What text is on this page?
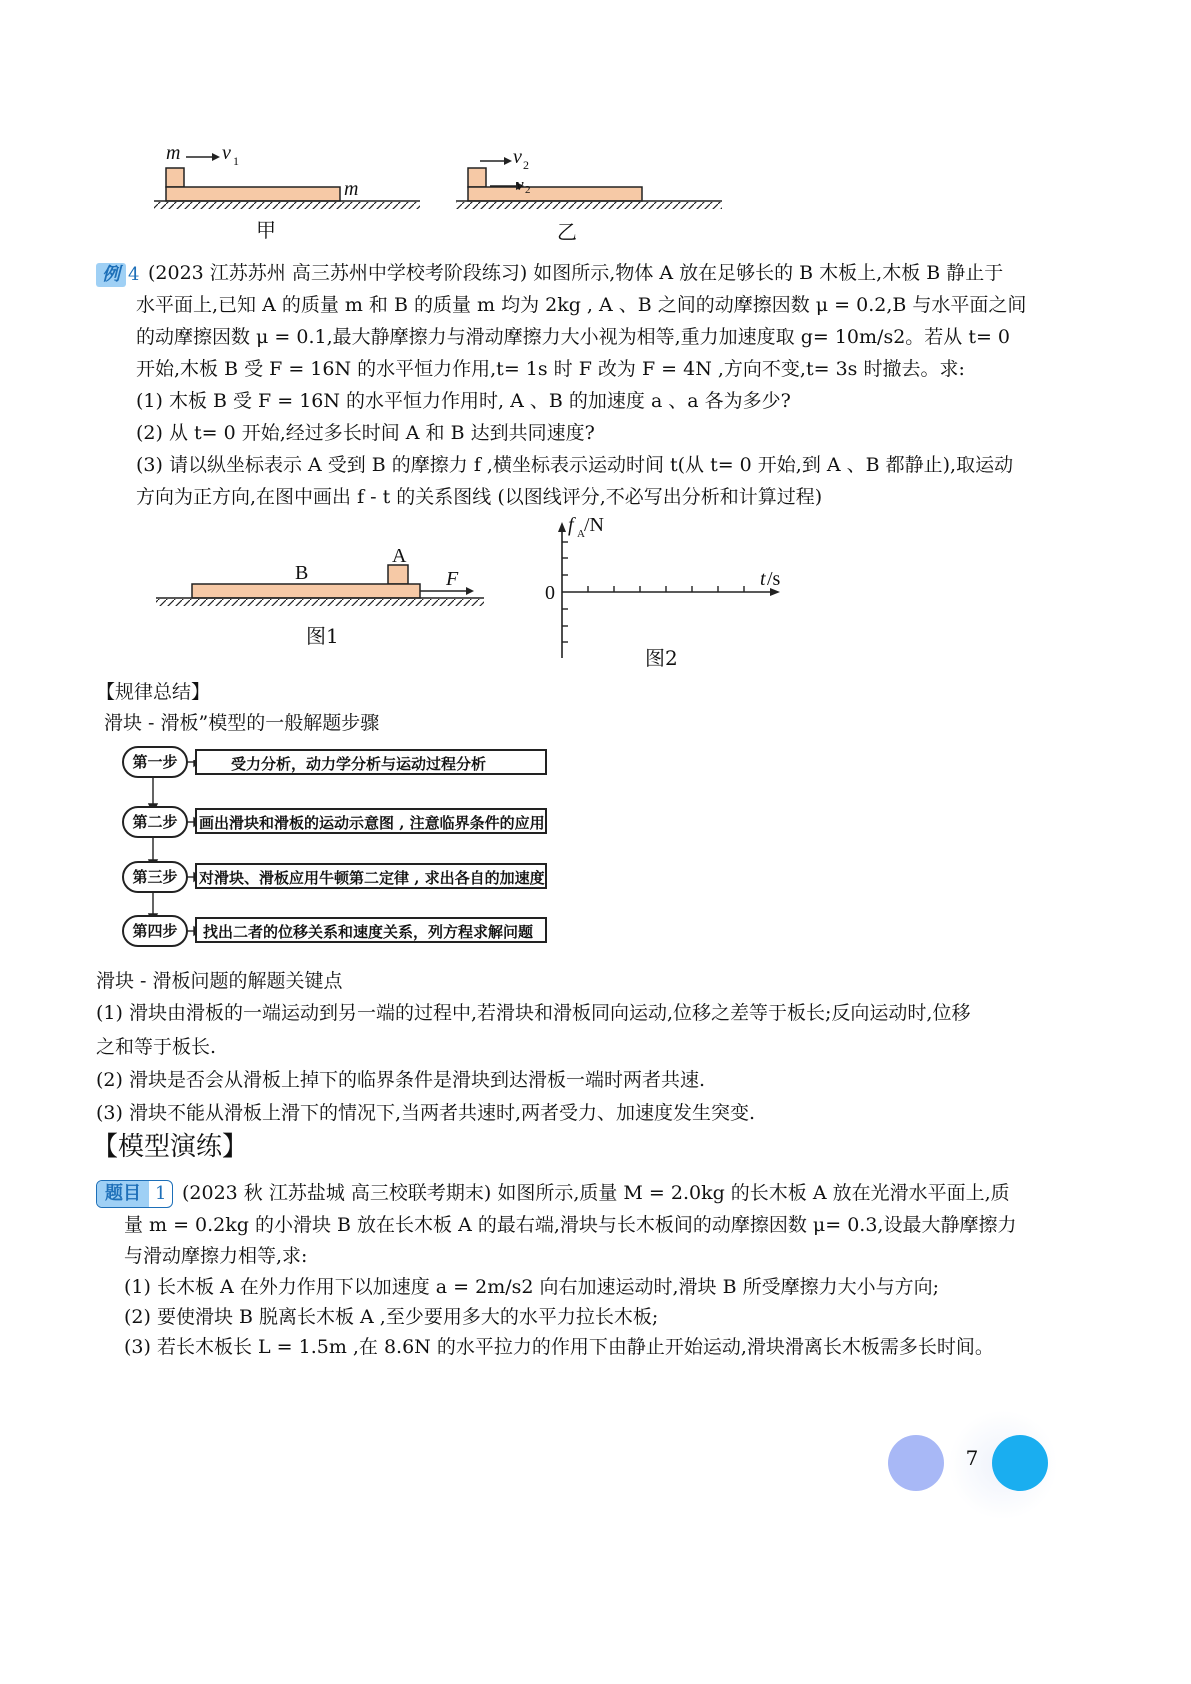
m v 1
m
甲
v 2
v 2
乙
例 4 (2023 江苏苏州 高三苏州中学校考阶段练习) 如图所示,物体 A 放在足够长的 B 木板上,木板 B 静止于
水平面上,已知 A 的质量 m 和 B 的质量 m 均为 2kg , A 、B 之间的动摩擦因数 μ = 0.2,B 与水平面之间
的动摩擦因数 μ = 0.1,最大静摩擦力与滑动摩擦力大小视为相等,重力加速度取 g= 10m/s2。若从 t= 0
开始,木板 B 受 F = 16N 的水平恒力作用,t= 1s 时 F 改为 F = 4N ,方向不变,t= 3s 时撤去。求:
(1) 木板 B 受 F = 16N 的水平恒力作用时, A 、B 的加速度 a 、a 各为多少?
(2) 从 t= 0 开始,经过多长时间 A 和 B 达到共同速度?
(3) 请以纵坐标表示 A 受到 B 的摩擦力 f ,横坐标表示运动时间 t(从 t= 0 开始,到 A 、B 都静止),取运动
方向为正方向,在图中画出 f - t 的关系图线 (以图线评分,不必写出分析和计算过程)
B
A
F
图1
f A /N
t /s
0
图2
【规律总结】
滑块 - 滑板”模型的一般解题步骤
第一步	受力分析，动力学分析与运动过程分析
第二步	画出滑块和滑板的运动示意图 , 注意临界条件的应用
第三步	对滑块、滑板应用牛顿第二定律 , 求出各自的加速度
第四步	找出二者的位移关系和速度关系，列方程求解问题
滑块 - 滑板问题的解题关键点
(1) 滑块由滑板的一端运动到另一端的过程中,若滑块和滑板同向运动,位移之差等于板长;反向运动时,位移
之和等于板长.
(2) 滑块是否会从滑板上掉下的临界条件是滑块到达滑板一端时两者共速.
(3) 滑块不能从滑板上滑下的情况下,当两者共速时,两者受力、加速度发生突变.
【模型演练】
题目 1 (2023 秋 江苏盐城 高三校联考期末) 如图所示,质量 M = 2.0kg 的长木板 A 放在光滑水平面上,质
量 m = 0.2kg 的小滑块 B 放在长木板 A 的最右端,滑块与长木板间的动摩擦因数 μ= 0.3,设最大静摩擦力
与滑动摩擦力相等,求:
(1) 长木板 A 在外力作用下以加速度 a = 2m/s2 向右加速运动时,滑块 B 所受摩擦力大小与方向;
(2) 要使滑块 B 脱离长木板 A ,至少要用多大的水平力拉长木板;
(3) 若长木板长 L = 1.5m ,在 8.6N 的水平拉力的作用下由静止开始运动,滑块滑离长木板需多长时间。
7
